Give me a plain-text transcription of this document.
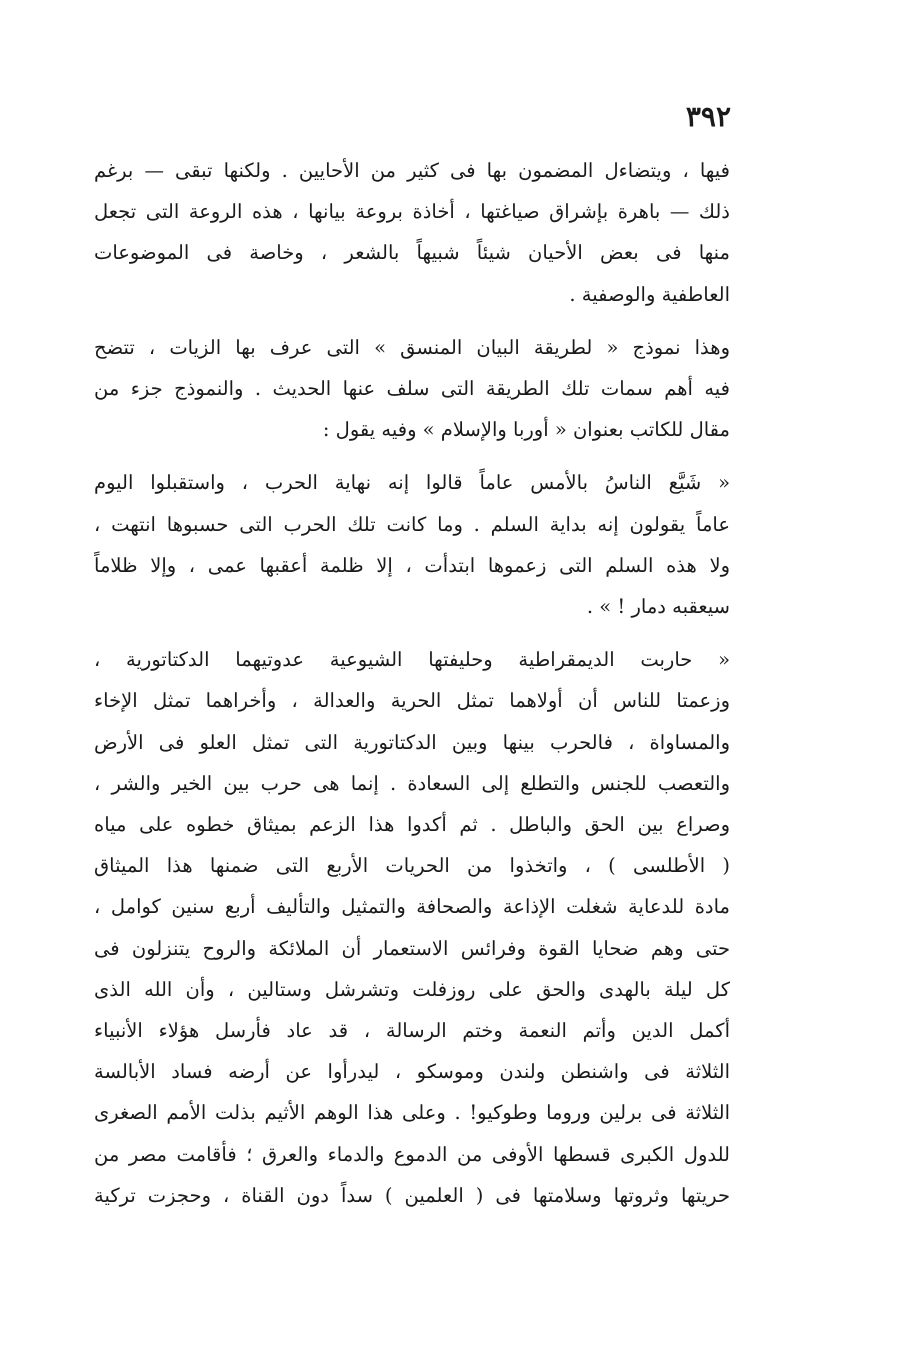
٣٩٢

فيها ، ويتضاءل المضمون بها فى كثير من الأحايين . ولكنها تبقى — برغم
ذلك — باهرة بإشراق صياغتها ، أخاذة بروعة بيانها ، هذه الروعة التى تجعل
منها فى بعض الأحيان شيئاً شبيهاً بالشعر ، وخاصة فى الموضوعات
العاطفية والوصفية .

وهذا نموذج « لطريقة البيان المنسق » التى عرف بها الزيات ، تتضح
فيه أهم سمات تلك الطريقة التى سلف عنها الحديث . والنموذج جزء من
مقال للكاتب بعنوان « أوربا والإسلام » وفيه يقول :

« شَيَّع الناسُ بالأمس عاماً قالوا إنه نهاية الحرب ، واستقبلوا اليوم
عاماً يقولون إنه بداية السلم . وما كانت تلك الحرب التى حسبوها انتهت ،
ولا هذه السلم التى زعموها ابتدأت ، إلا ظلمة أعقبها عمى ، وإلا ظلاماً
سيعقبه دمار ! » .

« حاربت الديمقراطية وحليفتها الشيوعية عدوتيهما الدكتاتورية ،
وزعمتا للناس أن أولاهما تمثل الحرية والعدالة ، وأخراهما تمثل الإخاء
والمساواة ، فالحرب بينها وبين الدكتاتورية التى تمثل العلو فى الأرض
والتعصب للجنس والتطلع إلى السعادة . إنما هى حرب بين الخير والشر ،
وصراع بين الحق والباطل . ثم أكدوا هذا الزعم بميثاق خطوه على مياه
( الأطلسى ) ، واتخذوا من الحريات الأربع التى ضمنها هذا الميثاق
مادة للدعاية شغلت الإذاعة والصحافة والتمثيل والتأليف أربع سنين كوامل ،
حتى وهم ضحايا القوة وفرائس الاستعمار أن الملائكة والروح يتنزلون فى
كل ليلة بالهدى والحق على روزفلت وتشرشل وستالين ، وأن الله الذى
أكمل الدين وأتم النعمة وختم الرسالة ، قد عاد فأرسل هؤلاء الأنبياء
الثلاثة فى واشنطن ولندن وموسكو ، ليدرأوا عن أرضه فساد الأبالسة
الثلاثة فى برلين وروما وطوكيو! . وعلى هذا الوهم الأثيم بذلت الأمم الصغرى
للدول الكبرى قسطها الأوفى من الدموع والدماء والعرق ؛ فأقامت مصر من
حريتها وثروتها وسلامتها فى ( العلمين ) سداً دون القناة ، وحجزت تركية
